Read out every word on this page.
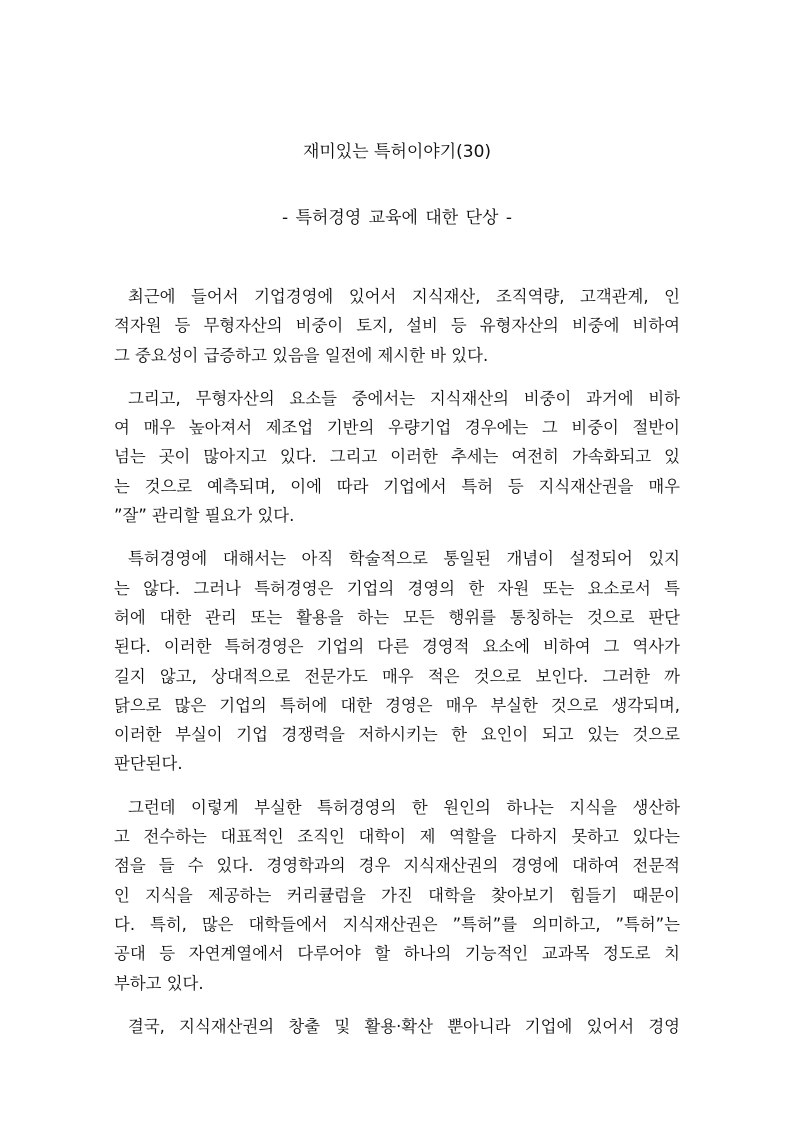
재미있는 특허이야기(30)
- 특허경영 교육에 대한 단상 -

최근에 들어서 기업경영에 있어서 지식재산, 조직역량, 고객관계, 인
적자원 등 무형자산의 비중이 토지, 설비 등 유형자산의 비중에 비하여
그 중요성이 급증하고 있음을 일전에 제시한 바 있다.

그리고, 무형자산의 요소들 중에서는 지식재산의 비중이 과거에 비하
여 매우 높아져서 제조업 기반의 우량기업 경우에는 그 비중이 절반이
넘는 곳이 많아지고 있다. 그리고 이러한 추세는 여전히 가속화되고 있
는 것으로 예측되며, 이에 따라 기업에서 특허 등 지식재산권을 매우
”잘” 관리할 필요가 있다.

특허경영에 대해서는 아직 학술적으로 통일된 개념이 설정되어 있지
는 않다. 그러나 특허경영은 기업의 경영의 한 자원 또는 요소로서 특
허에 대한 관리 또는 활용을 하는 모든 행위를 통칭하는 것으로 판단
된다. 이러한 특허경영은 기업의 다른 경영적 요소에 비하여 그 역사가
길지 않고, 상대적으로 전문가도 매우 적은 것으로 보인다. 그러한 까
닭으로 많은 기업의 특허에 대한 경영은 매우 부실한 것으로 생각되며,
이러한 부실이 기업 경쟁력을 저하시키는 한 요인이 되고 있는 것으로
판단된다.

그런데 이렇게 부실한 특허경영의 한 원인의 하나는 지식을 생산하
고 전수하는 대표적인 조직인 대학이 제 역할을 다하지 못하고 있다는
점을 들 수 있다. 경영학과의 경우 지식재산권의 경영에 대하여 전문적
인 지식을 제공하는 커리큘럼을 가진 대학을 찾아보기 힘들기 때문이
다. 특히, 많은 대학들에서 지식재산권은 ”특허”를 의미하고, ”특허”는
공대 등 자연계열에서 다루어야 할 하나의 기능적인 교과목 정도로 치
부하고 있다.

결국, 지식재산권의 창출 및 활용·확산 뿐아니라 기업에 있어서 경영
